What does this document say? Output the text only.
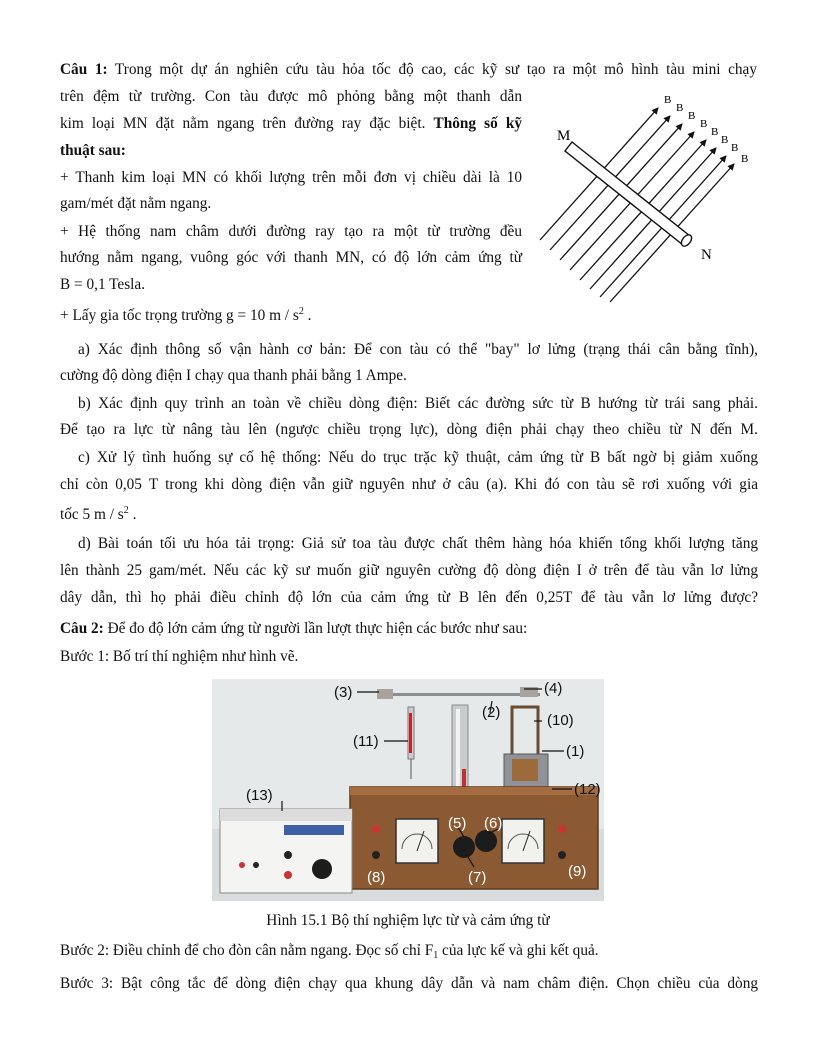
Câu 1: Trong một dự án nghiên cứu tàu hỏa tốc độ cao, các kỹ sư tạo ra một mô hình tàu mini chạy
trên đệm từ trường. Con tàu được mô phỏng bằng một thanh dẫn
kim loại MN đặt nằm ngang trên đường ray đặc biệt. Thông số kỹ
thuật sau:
+ Thanh kim loại MN có khối lượng trên mỗi đơn vị chiều dài là 10
gam/mét đặt nằm ngang.
+ Hệ thống nam châm dưới đường ray tạo ra một từ trường đều
hướng nằm ngang, vuông góc với thanh MN, có độ lớn cảm ứng từ
B = 0,1 Tesla.
+ Lấy gia tốc trọng trường g = 10 m / $s^2$ .
a) Xác định thông số vận hành cơ bản: Để con tàu có thể "bay" lơ lửng (trạng thái cân bằng tĩnh),
cường độ dòng điện I chạy qua thanh phải bằng 1 Ampe.
b) Xác định quy trình an toàn về chiều dòng điện: Biết các đường sức từ B hướng từ trái sang phải.
Để tạo ra lực từ nâng tàu lên (ngược chiều trọng lực), dòng điện phải chạy theo chiều từ N đến M.
c) Xử lý tình huống sự cố hệ thống: Nếu do trục trặc kỹ thuật, cảm ứng từ B bất ngờ bị giảm xuống
chỉ còn 0,05 T trong khi dòng điện vẫn giữ nguyên như ở câu (a). Khi đó con tàu sẽ rơi xuống với gia
tốc 5 m / $s^2$ .
d) Bài toán tối ưu hóa tải trọng: Giả sử toa tàu được chất thêm hàng hóa khiến tổng khối lượng tăng
lên thành 25 gam/mét. Nếu các kỹ sư muốn giữ nguyên cường độ dòng điện I ở trên để tàu vẫn lơ lửng
dây dẫn, thì họ phải điều chỉnh độ lớn của cảm ứng từ B lên đến 0,25T để tàu vẫn lơ lửng được?
M
N
B
B
B
B
B
B
B
B
Câu 2: Để đo độ lớn cảm ứng từ người lần lượt thực hiện các bước như sau:
Bước 1: Bố trí thí nghiệm như hình vẽ.
(3)	(4)
(2)	(10)
(11)
(1)
(12)
(13)
(5) (6)
(8)	(7)	(9)
Hình 15.1 Bộ thí nghiệm lực từ và cảm ứng từ
Bước 2: Điều chỉnh để cho đòn cân nằm ngang. Đọc số chỉ $F_1$ của lực kế và ghi kết quả.
Bước 3: Bật công tắc để dòng điện chạy qua khung dây dẫn và nam châm điện. Chọn chiều của dòng
